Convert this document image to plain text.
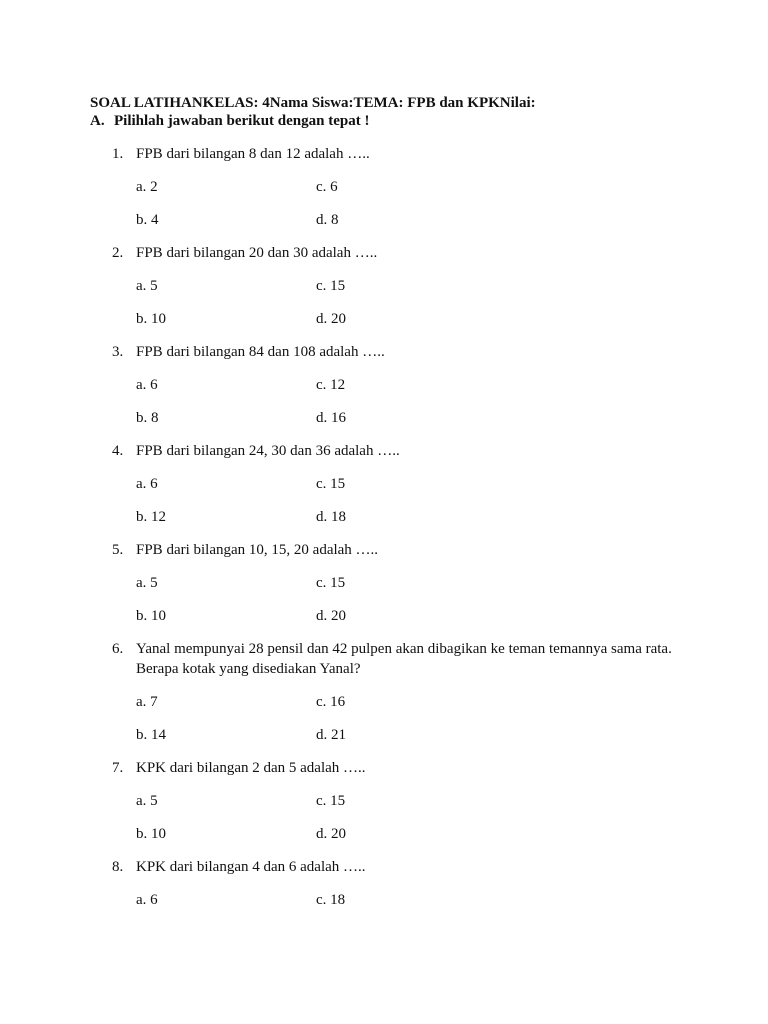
SOAL LATIHANKELAS: 4Nama Siswa:TEMA: FPB dan KPKNilai:
A. Pilihlah jawaban berikut dengan tepat !
1. FPB dari bilangan 8 dan 12 adalah …..
a. 2	c. 6
b. 4	d. 8
2. FPB dari bilangan 20 dan 30 adalah …..
a. 5	c. 15
b. 10	d. 20
3. FPB dari bilangan 84 dan 108 adalah …..
a. 6	c. 12
b. 8	d. 16
4. FPB dari bilangan 24, 30 dan 36 adalah …..
a. 6	c. 15
b. 12	d. 18
5. FPB dari bilangan 10, 15, 20 adalah …..
a. 5	c. 15
b. 10	d. 20
6. Yanal mempunyai 28 pensil dan 42 pulpen akan dibagikan ke teman temannya sama rata. Berapa kotak yang disediakan Yanal?
a. 7	c. 16
b. 14	d. 21
7. KPK dari bilangan 2 dan 5 adalah …..
a. 5	c. 15
b. 10	d. 20
8. KPK dari bilangan 4 dan 6 adalah …..
a. 6	c. 18
